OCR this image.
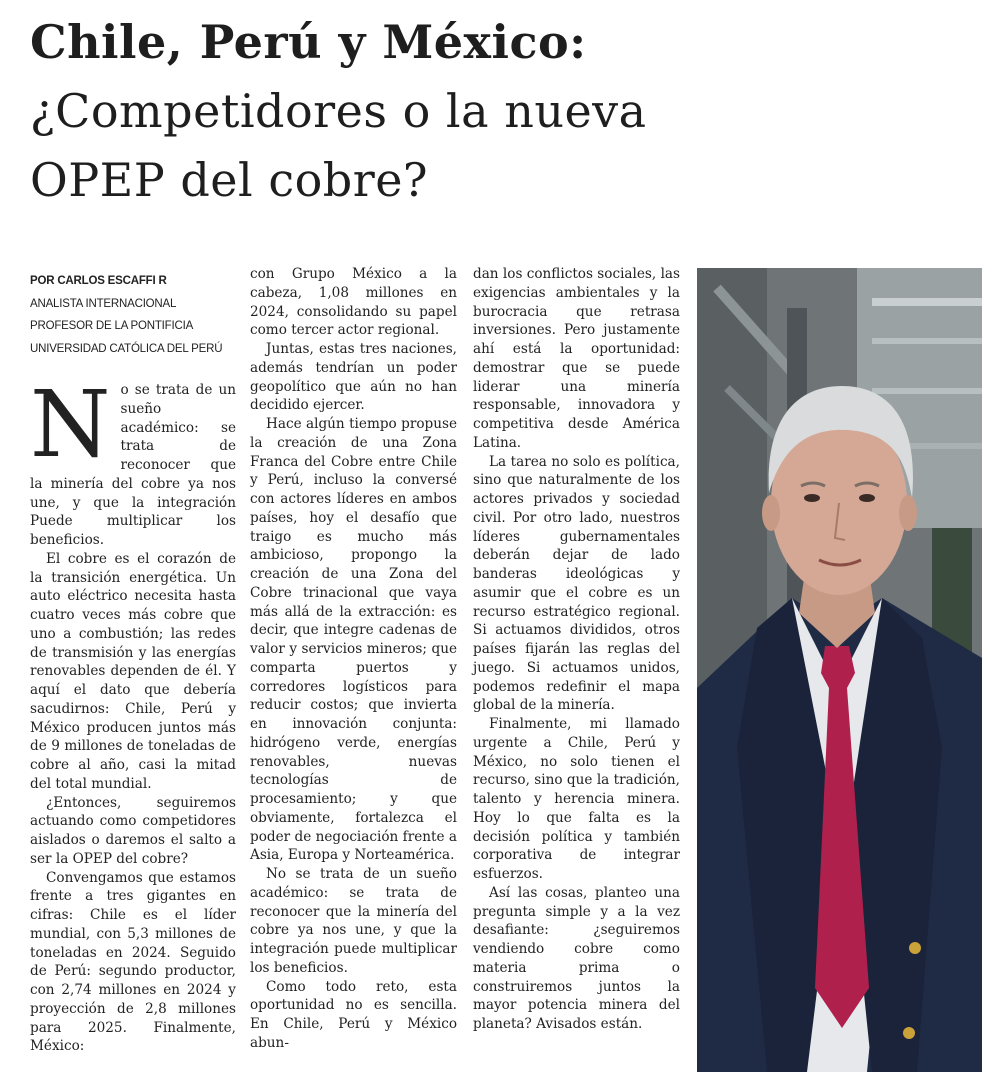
Chile, Perú y México:
¿Competidores o la nueva
OPEP del cobre?
POR CARLOS ESCAFFI R
ANALISTA INTERNACIONAL
PROFESOR DE LA PONTIFICIA
UNIVERSIDAD CATÓLICA DEL PERÚ

No se trata de un sueño académico: se trata de reconocer que la minería del cobre ya nos une, y que la integración Puede multiplicar los beneficios.

El cobre es el corazón de la transición energética. Un auto eléctrico necesita hasta cuatro veces más cobre que uno a combustión; las redes de transmisión y las energías renovables dependen de él. Y aquí el dato que debería sacudirnos: Chile, Perú y México producen juntos más de 9 millones de toneladas de cobre al año, casi la mitad del total mundial.

¿Entonces, seguiremos actuando como competidores aislados o daremos el salto a ser la OPEP del cobre?

Convengamos que estamos frente a tres gigantes en cifras: Chile es el líder mundial, con 5,3 millones de toneladas en 2024. Seguido de Perú: segundo productor, con 2,74 millones en 2024 y proyección de 2,8 millones para 2025. Finalmente, México:

con Grupo México a la cabeza, 1,08 millones en 2024, consolidando su papel como tercer actor regional.

Juntas, estas tres naciones, además tendrían un poder geopolítico que aún no han decidido ejercer.

Hace algún tiempo propuse la creación de una Zona Franca del Cobre entre Chile y Perú, incluso la conversé con actores líderes en ambos países, hoy el desafío que traigo es mucho más ambicioso, propongo la creación de una Zona del Cobre trinacional que vaya más allá de la extracción: es decir, que integre cadenas de valor y servicios mineros; que comparta puertos y corredores logísticos para reducir costos; que invierta en innovación conjunta: hidrógeno verde, energías renovables, nuevas tecnologías de procesamiento; y que obviamente, fortalezca el poder de negociación frente a Asia, Europa y Norteamérica.

No se trata de un sueño académico: se trata de reconocer que la minería del cobre ya nos une, y que la integración puede multiplicar los beneficios.

Como todo reto, esta oportunidad no es sencilla. En Chile, Perú y México abun-

dan los conflictos sociales, las exigencias ambientales y la burocracia que retrasa inversiones. Pero justamente ahí está la oportunidad: demostrar que se puede liderar una minería responsable, innovadora y competitiva desde América Latina.

La tarea no solo es política, sino que naturalmente de los actores privados y sociedad civil. Por otro lado, nuestros líderes gubernamentales deberán dejar de lado banderas ideológicas y asumir que el cobre es un recurso estratégico regional. Si actuamos divididos, otros países fijarán las reglas del juego. Si actuamos unidos, podemos redefinir el mapa global de la minería.

Finalmente, mi llamado urgente a Chile, Perú y México, no solo tienen el recurso, sino que la tradición, talento y herencia minera. Hoy lo que falta es la decisión política y también corporativa de integrar esfuerzos.

Así las cosas, planteo una pregunta simple y a la vez desafiante: ¿seguiremos vendiendo cobre como materia prima o construiremos juntos la mayor potencia minera del planeta? Avisados están.
